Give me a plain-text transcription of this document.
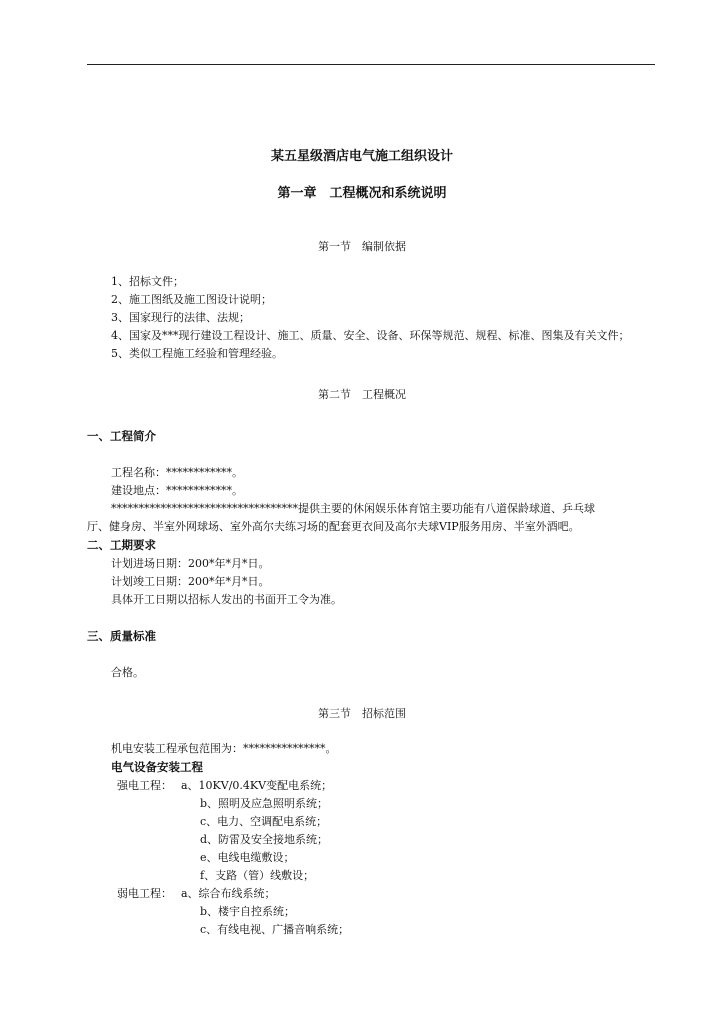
某五星级酒店电气施工组织设计
第一章　工程概况和系统说明
第一节　编制依据
1、招标文件；
2、施工图纸及施工图设计说明；
3、国家现行的法律、法规；
4、国家及***现行建设工程设计、施工、质量、安全、设备、环保等规范、规程、标准、图集及有关文件；
5、类似工程施工经验和管理经验。
第二节　工程概况
一、工程简介
工程名称：************。
建设地点：************。
**********************************提供主要的休闲娱乐体育馆主要功能有八道保龄球道、乒乓球
厅、健身房、半室外网球场、室外高尔夫练习场的配套更衣间及高尔夫球VIP服务用房、半室外酒吧。
二、工期要求
计划进场日期：200*年*月*日。
计划竣工日期：200*年*月*日。
具体开工日期以招标人发出的书面开工令为准。
三、质量标准
合格。
第三节　招标范围
机电安装工程承包范围为：***************。
电气设备安装工程
强电工程： a、10KV/0.4KV变配电系统；
b、照明及应急照明系统；
c、电力、空调配电系统；
d、防雷及安全接地系统；
e、电线电缆敷设；
f、支路（管）线敷设；
弱电工程： a、综合布线系统；
b、楼宇自控系统；
c、有线电视、广播音响系统；
